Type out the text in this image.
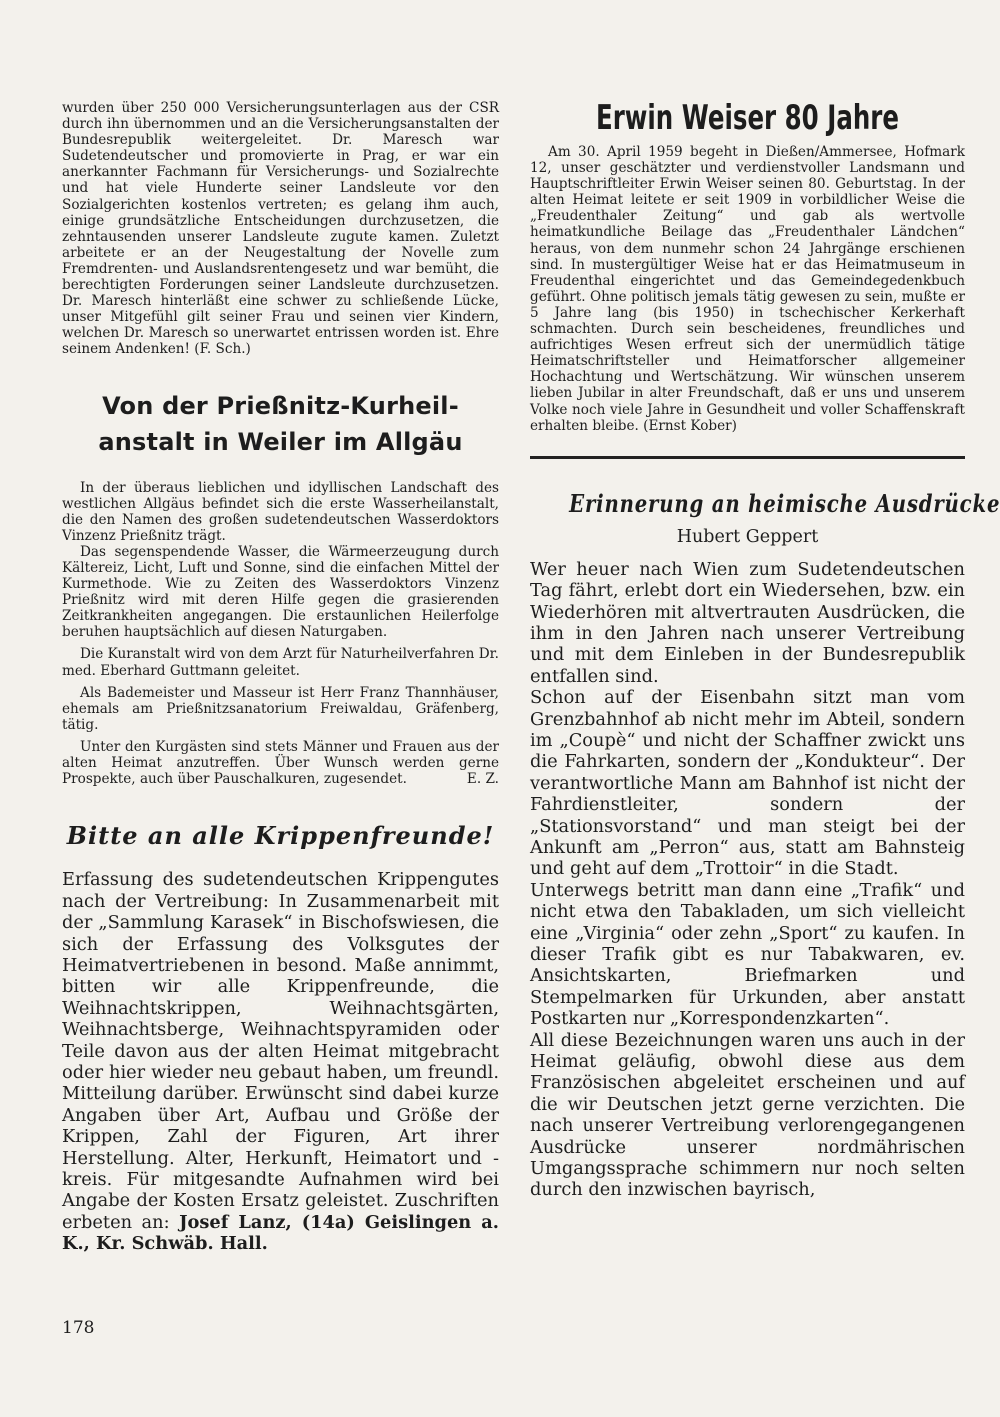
wurden über 250 000 Versicherungsunterlagen aus der CSR durch ihn übernommen und an die Versicherungsanstalten der Bundesrepublik weitergeleitet. Dr. Maresch war Sudetendeutscher und promovierte in Prag, er war ein anerkannter Fachmann für Versicherungs- und Sozialrechte und hat viele Hunderte seiner Landsleute vor den Sozialgerichten kostenlos vertreten; es gelang ihm auch, einige grundsätzliche Entscheidungen durchzusetzen, die zehntausenden unserer Landsleute zugute kamen. Zuletzt arbeitete er an der Neugestaltung der Novelle zum Fremdrenten- und Auslandsrentengesetz und war bemüht, die berechtigten Forderungen seiner Landsleute durchzusetzen. Dr. Maresch hinterläßt eine schwer zu schließende Lücke, unser Mitgefühl gilt seiner Frau und seinen vier Kindern, welchen Dr. Maresch so unerwartet entrissen worden ist. Ehre seinem Andenken! (F. Sch.)

Von der Prießnitz-Kurheil-
anstalt in Weiler im Allgäu

In der überaus lieblichen und idyllischen Landschaft des westlichen Allgäus befindet sich die erste Wasserheilanstalt, die den Namen des großen sudetendeutschen Wasserdoktors Vinzenz Prießnitz trägt.

Das segenspendende Wasser, die Wärmeerzeugung durch Kältereiz, Licht, Luft und Sonne, sind die einfachen Mittel der Kurmethode. Wie zu Zeiten des Wasserdoktors Vinzenz Prießnitz wird mit deren Hilfe gegen die grasierenden Zeitkrankheiten angegangen. Die erstaunlichen Heilerfolge beruhen hauptsächlich auf diesen Naturgaben.

Die Kuranstalt wird von dem Arzt für Naturheilverfahren Dr. med. Eberhard Guttmann geleitet.

Als Bademeister und Masseur ist Herr Franz Thannhäuser, ehemals am Prießnitzsanatorium Freiwaldau, Gräfenberg, tätig.

Unter den Kurgästen sind stets Männer und Frauen aus der alten Heimat anzutreffen. Über Wunsch werden gerne Prospekte, auch über Pauschalkuren, zugesendet.	E. Z.
Bitte an alle Krippenfreunde!

Erfassung des sudetendeutschen Krippengutes nach der Vertreibung: In Zusammenarbeit mit der „Sammlung Karasek“ in Bischofswiesen, die sich der Erfassung des Volksgutes der Heimatvertriebenen in besond. Maße annimmt, bitten wir alle Krippenfreunde, die Weihnachtskrippen, Weihnachtsgärten, Weihnachtsberge, Weihnachtspyramiden oder Teile davon aus der alten Heimat mitgebracht oder hier wieder neu gebaut haben, um freundl. Mitteilung darüber. Erwünscht sind dabei kurze Angaben über Art, Aufbau und Größe der Krippen, Zahl der Figuren, Art ihrer Herstellung. Alter, Herkunft, Heimatort und -kreis. Für mitgesandte Aufnahmen wird bei Angabe der Kosten Ersatz geleistet. Zuschriften erbeten an: Josef Lanz, (14a) Geislingen a. K., Kr. Schwäb. Hall.

Erwin Weiser 80 Jahre

Am 30. April 1959 begeht in Dießen/Ammersee, Hofmark 12, unser geschätzter und verdienstvoller Landsmann und Hauptschriftleiter Erwin Weiser seinen 80. Geburtstag. In der alten Heimat leitete er seit 1909 in vorbildlicher Weise die „Freudenthaler Zeitung“ und gab als wertvolle heimatkundliche Beilage das „Freudenthaler Ländchen“ heraus, von dem nunmehr schon 24 Jahrgänge erschienen sind. In mustergültiger Weise hat er das Heimatmuseum in Freudenthal eingerichtet und das Gemeindegedenkbuch geführt. Ohne politisch jemals tätig gewesen zu sein, mußte er 5 Jahre lang (bis 1950) in tschechischer Kerkerhaft schmachten. Durch sein bescheidenes, freundliches und aufrichtiges Wesen erfreut sich der unermüdlich tätige Heimatschriftsteller und Heimatforscher allgemeiner Hochachtung und Wertschätzung. Wir wünschen unserem lieben Jubilar in alter Freundschaft, daß er uns und unserem Volke noch viele Jahre in Gesundheit und voller Schaffenskraft erhalten bleibe. (Ernst Kober)

Erinnerung an heimische Ausdrücke
Hubert Geppert

Wer heuer nach Wien zum Sudetendeutschen Tag fährt, erlebt dort ein Wiedersehen, bzw. ein Wiederhören mit altvertrauten Ausdrücken, die ihm in den Jahren nach unserer Vertreibung und mit dem Einleben in der Bundesrepublik entfallen sind.

Schon auf der Eisenbahn sitzt man vom Grenzbahnhof ab nicht mehr im Abteil, sondern im „Coupè“ und nicht der Schaffner zwickt uns die Fahrkarten, sondern der „Kondukteur“. Der verantwortliche Mann am Bahnhof ist nicht der Fahrdienstleiter, sondern der „Stationsvorstand“ und man steigt bei der Ankunft am „Perron“ aus, statt am Bahnsteig und geht auf dem „Trottoir“ in die Stadt.

Unterwegs betritt man dann eine „Trafik“ und nicht etwa den Tabakladen, um sich vielleicht eine „Virginia“ oder zehn „Sport“ zu kaufen. In dieser Trafik gibt es nur Tabakwaren, ev. Ansichtskarten, Briefmarken und Stempelmarken für Urkunden, aber anstatt Postkarten nur „Korrespondenzkarten“.

All diese Bezeichnungen waren uns auch in der Heimat geläufig, obwohl diese aus dem Französischen abgeleitet erscheinen und auf die wir Deutschen jetzt gerne verzichten. Die nach unserer Vertreibung verlorengegangenen Ausdrücke unserer nordmährischen Umgangssprache schimmern nur noch selten durch den inzwischen bayrisch,

178
